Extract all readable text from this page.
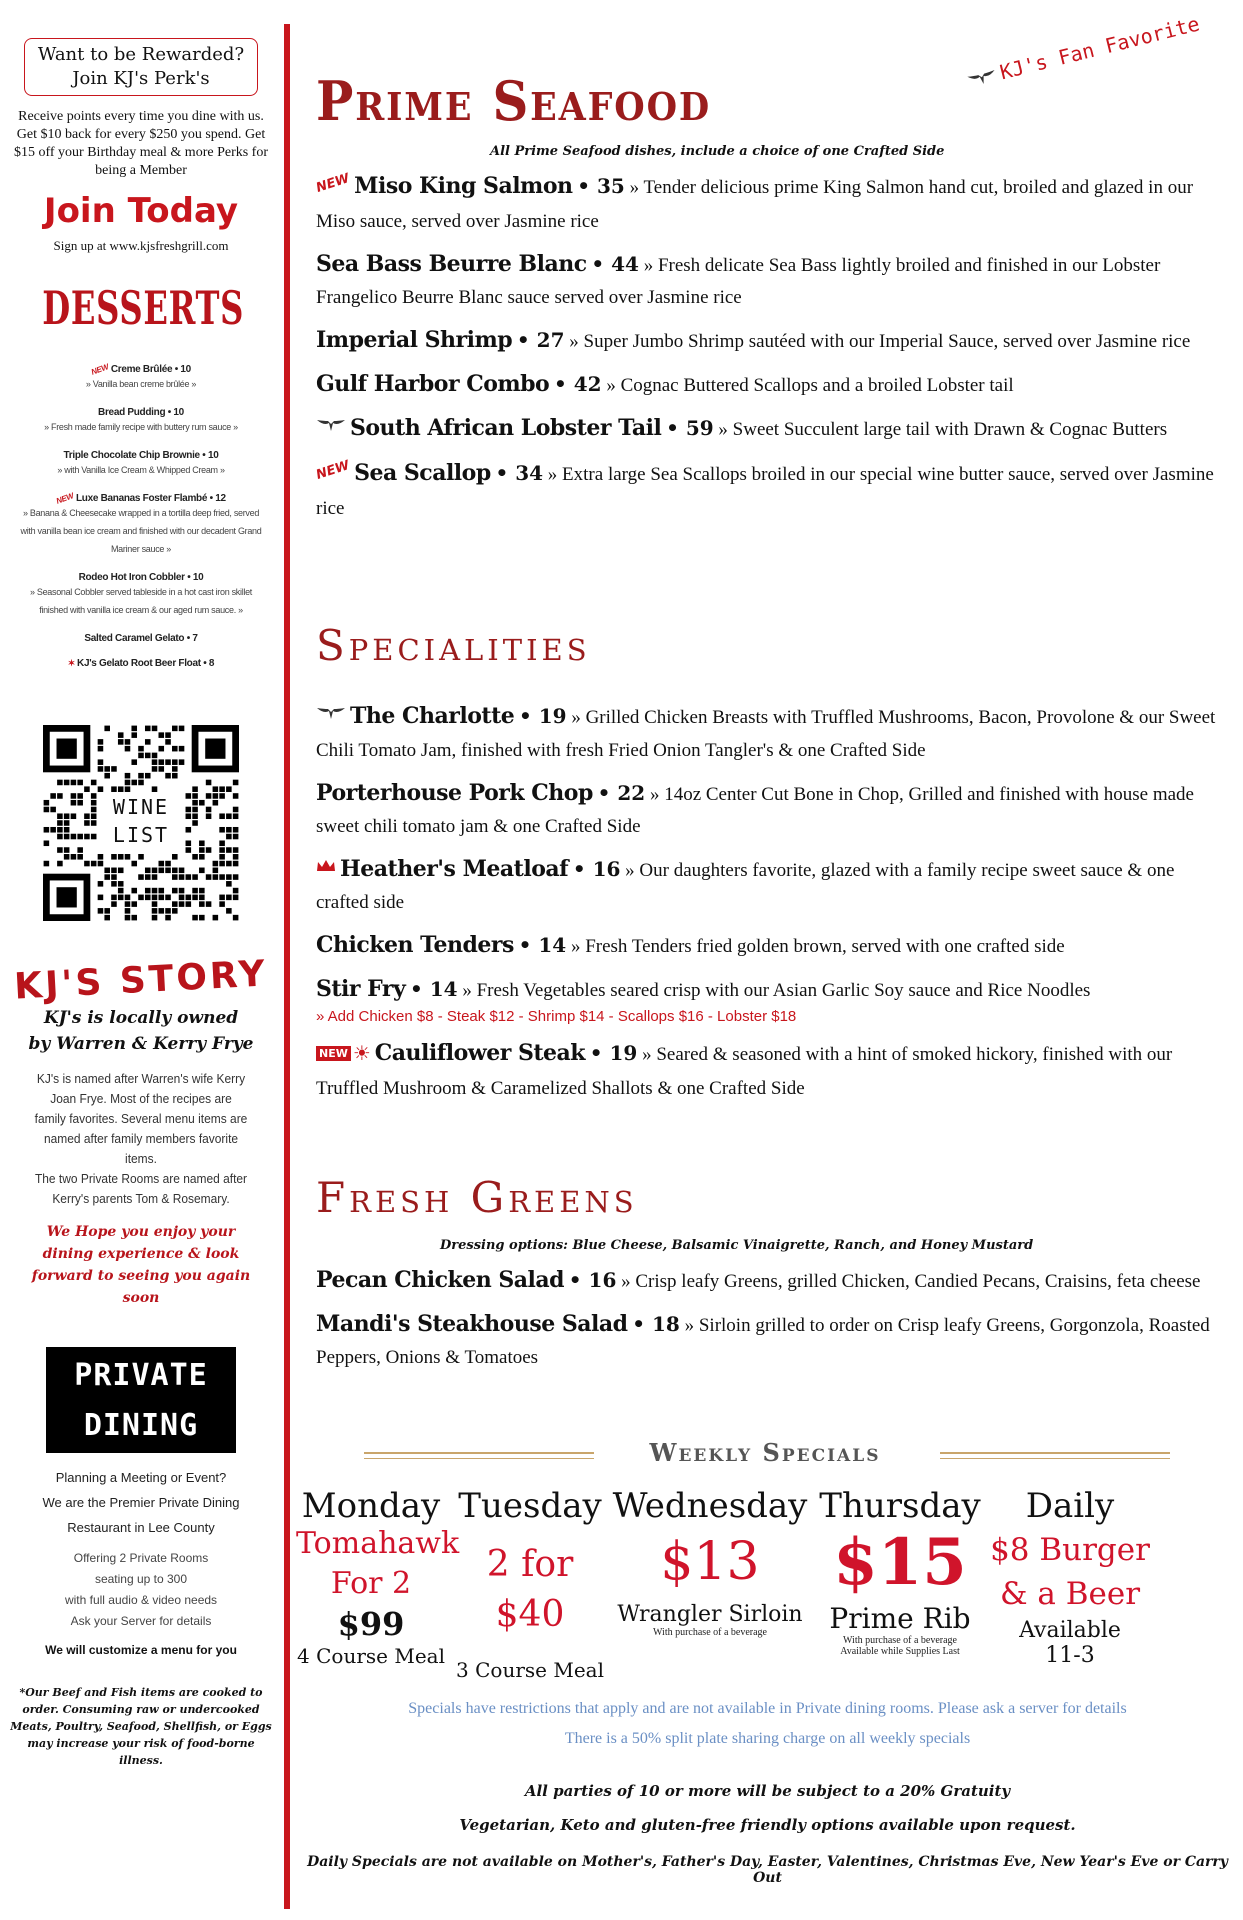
Want to be Rewarded?
Join KJ's Perk's
Receive points every time you dine with us. Get $10 back for every $250 you spend. Get $15 off your Birthday meal & more Perks for being a Member
Join Today
Sign up at www.kjsfreshgrill.com
DESSERTS
NEWCreme Brûlée • 10
» Vanilla bean creme brûlée »
Bread Pudding • 10
» Fresh made family recipe with buttery rum sauce »
Triple Chocolate Chip Brownie • 10
» with Vanilla Ice Cream & Whipped Cream »
NEWLuxe Bananas Foster Flambé • 12
» Banana & Cheesecake wrapped in a tortilla deep fried, served with vanilla bean ice cream and finished with our decadent Grand Mariner sauce »
Rodeo Hot Iron Cobbler • 10
» Seasonal Cobbler served tableside in a hot cast iron skillet finished with vanilla ice cream & our aged rum sauce. »
Salted Caramel Gelato • 7
✶ KJ's Gelato Root Beer Float • 8
WINE
LIST
KJ'S STORY
KJ's is locally owned
by Warren & Kerry Frye
KJ's is named after Warren's wife Kerry Joan Frye. Most of the recipes are family favorites. Several menu items are named after family members favorite items.
The two Private Rooms are named after Kerry's parents Tom & Rosemary.
We Hope you enjoy your dining experience & look forward to seeing you again soon
PRIVATE
DINING
Planning a Meeting or Event?
We are the Premier Private Dining
Restaurant in Lee County
Offering 2 Private Rooms
seating up to 300
with full audio & video needs
Ask your Server for details
We will customize a menu for you
*Our Beef and Fish items are cooked to order. Consuming raw or undercooked Meats, Poultry, Seafood, Shellfish, or Eggs may increase your risk of food-borne illness.
KJ's Fan Favorite
Prime Seafood
All Prime Seafood dishes, include a choice of one Crafted Side
NEW Miso King Salmon • 35 » Tender delicious prime King Salmon hand cut, broiled and glazed in our Miso sauce, served over Jasmine rice
Sea Bass Beurre Blanc • 44 » Fresh delicate Sea Bass lightly broiled and finished in our Lobster Frangelico Beurre Blanc sauce served over Jasmine rice
Imperial Shrimp • 27 » Super Jumbo Shrimp sautéed with our Imperial Sauce, served over Jasmine rice
Gulf Harbor Combo • 42 » Cognac Buttered Scallops and a broiled Lobster tail
South African Lobster Tail • 59 » Sweet Succulent large tail with Drawn & Cognac Butters
NEW Sea Scallop • 34 » Extra large Sea Scallops broiled in our special wine butter sauce, served over Jasmine rice
Specialities
The Charlotte • 19 » Grilled Chicken Breasts with Truffled Mushrooms, Bacon, Provolone & our Sweet Chili Tomato Jam, finished with fresh Fried Onion Tangler's & one Crafted Side
Porterhouse Pork Chop • 22 » 14oz Center Cut Bone in Chop, Grilled and finished with house made sweet chili tomato jam & one Crafted Side
Heather's Meatloaf • 16 » Our daughters favorite, glazed with a family recipe sweet sauce & one crafted side
Chicken Tenders • 14 » Fresh Tenders fried golden brown, served with one crafted side
Stir Fry • 14 » Fresh Vegetables seared crisp with our Asian Garlic Soy sauce and Rice Noodles
» Add Chicken $8 - Steak $12 - Shrimp $14 - Scallops $16 - Lobster $18
NEW ☀ Cauliflower Steak • 19 » Seared & seasoned with a hint of smoked hickory, finished with our Truffled Mushroom & Caramelized Shallots & one Crafted Side
Fresh Greens
Dressing options: Blue Cheese, Balsamic Vinaigrette, Ranch, and Honey Mustard
Pecan Chicken Salad • 16 » Crisp leafy Greens, grilled Chicken, Candied Pecans, Craisins, feta cheese
Mandi's Steakhouse Salad • 18 » Sirloin grilled to order on Crisp leafy Greens, Gorgonzola, Roasted Peppers, Onions & Tomatoes
Weekly Specials
Monday
Tomahawk
For 2
$99
4 Course Meal
Tuesday
2 for $40
3 Course Meal
Wednesday
$13
Wrangler Sirloin
With purchase of a beverage
Thursday
$15
Prime Rib
With purchase of a beverage
Available while Supplies Last
Daily
$8 Burger
& a Beer
Available
11-3
Specials have restrictions that apply and are not available in Private dining rooms. Please ask a server for details
There is a 50% split plate sharing charge on all weekly specials
All parties of 10 or more will be subject to a 20% Gratuity
Vegetarian, Keto and gluten-free friendly options available upon request.
Daily Specials are not available on Mother's, Father's Day, Easter, Valentines, Christmas Eve, New Year's Eve or Carry Out
